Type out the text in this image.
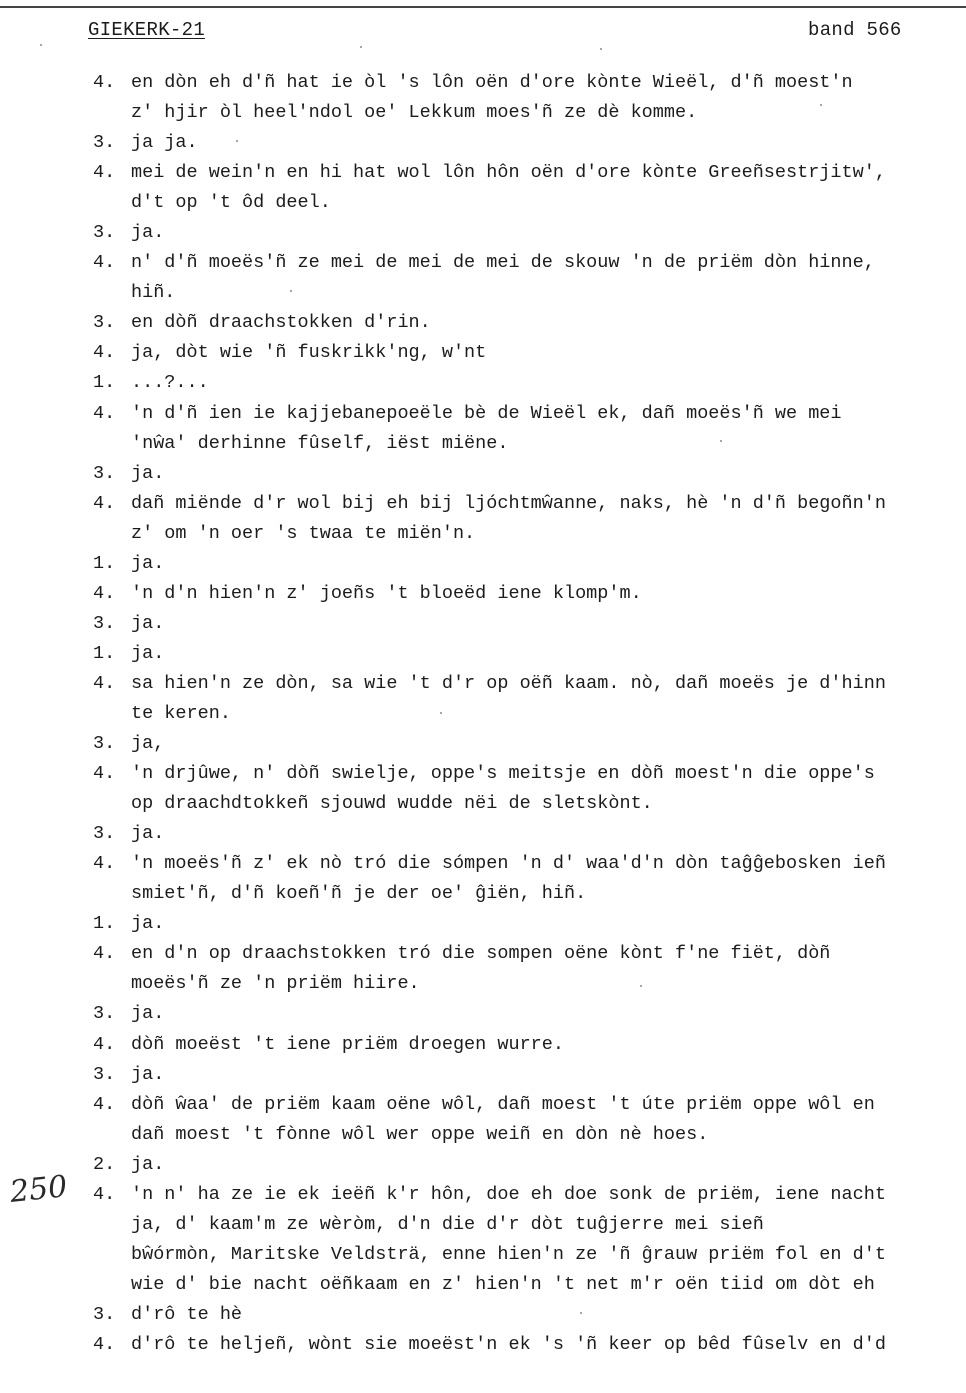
GIEKERK-21	band 566
250
4. en dòn eh d'ñ hat ie òl 's lôn oën d'ore kònte Wieël, d'ñ moest'n
z' hjir òl heel'ndol oe' Lekkum moes'ñ ze dè komme.
3. ja ja.
4. mei de wein'n en hi hat wol lôn hôn oën d'ore kònte Greeñsestrjitw',
d't op 't ôd deel.
3. ja.
4. n' d'ñ moeës'ñ ze mei de mei de mei de skouw 'n de priëm dòn hinne,
hiñ.
3. en dòñ draachstokken d'rin.
4. ja, dòt wie 'ñ fuskrikk'ng, w'nt
1. ...?...
4. 'n d'ñ ien ie kajjebanepoeële bè de Wieël ek, dañ moeës'ñ we mei
'nŵa' derhinne fûself, iëst miëne.
3. ja.
4. dañ miënde d'r wol bij eh bij ljóchtmŵanne, naks, hè 'n d'ñ begoñn'n
z' om 'n oer 's twaa te miën'n.
1. ja.
4. 'n d'n hien'n z' joeñs 't bloeëd iene klomp'm.
3. ja.
1. ja.
4. sa hien'n ze dòn, sa wie 't d'r op oëñ kaam. nò, dañ moeës je d'hinn
te keren.
3. ja,
4. 'n drjûwe, n' dòñ swielje, oppe's meitsje en dòñ moest'n die oppe's
op draachdtokkeñ sjouwd wudde nëi de sletskònt.
3. ja.
4. 'n moeës'ñ z' ek nò tró die sómpen 'n d' waa'd'n dòn taĝĝebosken ieñ
smiet'ñ, d'ñ koeñ'ñ je der oe' ĝiën, hiñ.
1. ja.
4. en d'n op draachstokken tró die sompen oëne kònt f'ne fiët, dòñ
moeës'ñ ze 'n priëm hiire.
3. ja.
4. dòñ moeëst 't iene priëm droegen wurre.
3. ja.
4. dòñ ŵaa' de priëm kaam oëne wôl, dañ moest 't úte priëm oppe wôl en
dañ moest 't fònne wôl wer oppe weiñ en dòn nè hoes.
2. ja.
4. 'n n' ha ze ie ek ieëñ k'r hôn, doe eh doe sonk de priëm, iene nacht
ja, d' kaam'm ze wèròm, d'n die d'r dòt tuĝjerre mei sieñ
bŵórmòn, Maritske Veldsträ, enne hien'n ze 'ñ ĝrauw priëm fol en d't
wie d' bie nacht oëñkaam en z' hien'n 't net m'r oën tiid om dòt eh
3. d'rô te hè
4. d'rô te heljeñ, wònt sie moeëst'n ek 's 'ñ keer op bêd fûselv en d'd
